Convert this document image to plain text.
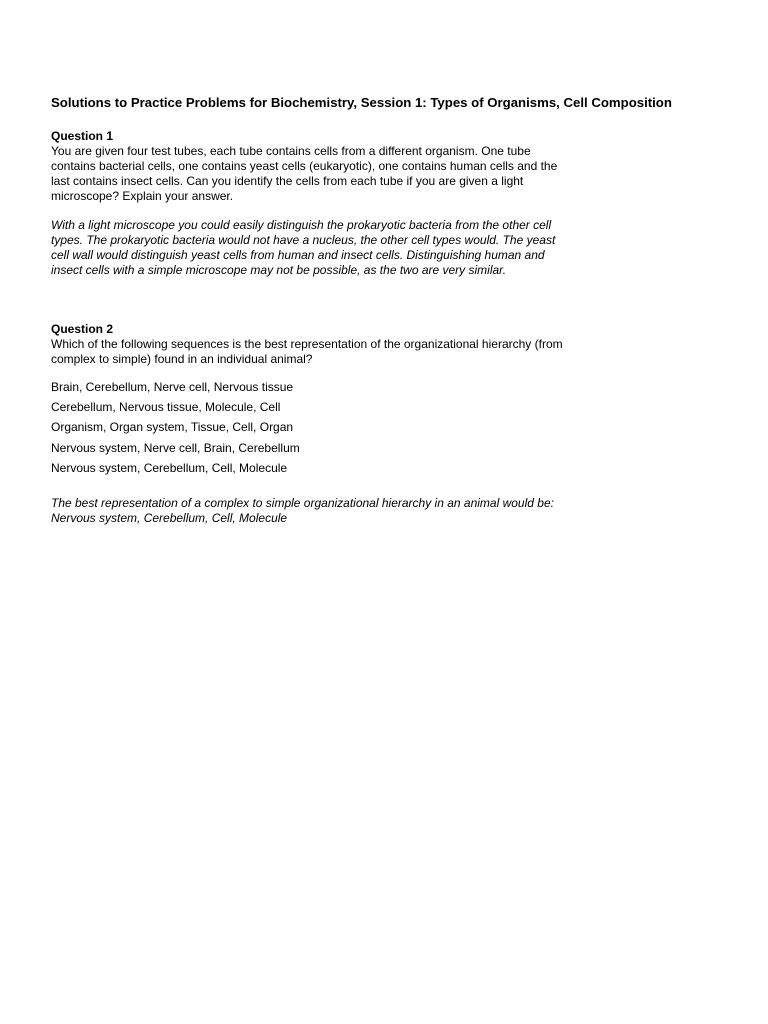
Solutions to Practice Problems for Biochemistry, Session 1: Types of Organisms, Cell Composition
Question 1
You are given four test tubes, each tube contains cells from a different organism. One tube
contains bacterial cells, one contains yeast cells (eukaryotic), one contains human cells and the
last contains insect cells. Can you identify the cells from each tube if you are given a light
microscope? Explain your answer.
With a light microscope you could easily distinguish the prokaryotic bacteria from the other cell
types. The prokaryotic bacteria would not have a nucleus, the other cell types would. The yeast
cell wall would distinguish yeast cells from human and insect cells. Distinguishing human and
insect cells with a simple microscope may not be possible, as the two are very similar.
Question 2
Which of the following sequences is the best representation of the organizational hierarchy (from
complex to simple) found in an individual animal?
Brain, Cerebellum, Nerve cell, Nervous tissue
Cerebellum, Nervous tissue, Molecule, Cell
Organism, Organ system, Tissue, Cell, Organ
Nervous system, Nerve cell, Brain, Cerebellum
Nervous system, Cerebellum, Cell, Molecule
The best representation of a complex to simple organizational hierarchy in an animal would be:
Nervous system, Cerebellum, Cell, Molecule
